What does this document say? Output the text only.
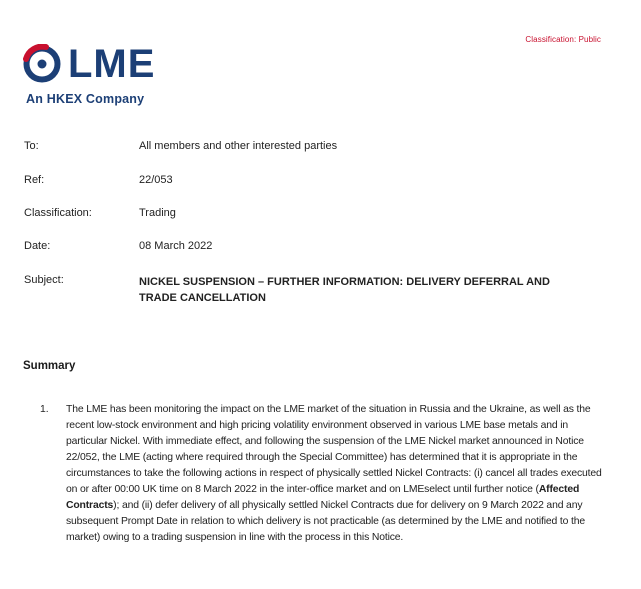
Classification: Public
LME
An HKEX Company
To:	All members and other interested parties
Ref:	22/053
Classification:	Trading
Date:	08 March 2022
Subject:	NICKEL SUSPENSION – FURTHER INFORMATION: DELIVERY DEFERRAL AND TRADE CANCELLATION
Summary
1.	The LME has been monitoring the impact on the LME market of the situation in Russia and the Ukraine, as well as the recent low-stock environment and high pricing volatility environment observed in various LME base metals and in particular Nickel. With immediate effect, and following the suspension of the LME Nickel market announced in Notice 22/052, the LME (acting where required through the Special Committee) has determined that it is appropriate in the circumstances to take the following actions in respect of physically settled Nickel Contracts: (i) cancel all trades executed on or after 00:00 UK time on 8 March 2022 in the inter-office market and on LMEselect until further notice (Affected Contracts); and (ii) defer delivery of all physically settled Nickel Contracts due for delivery on 9 March 2022 and any subsequent Prompt Date in relation to which delivery is not practicable (as determined by the LME and notified to the market) owing to a trading suspension in line with the process in this Notice.
